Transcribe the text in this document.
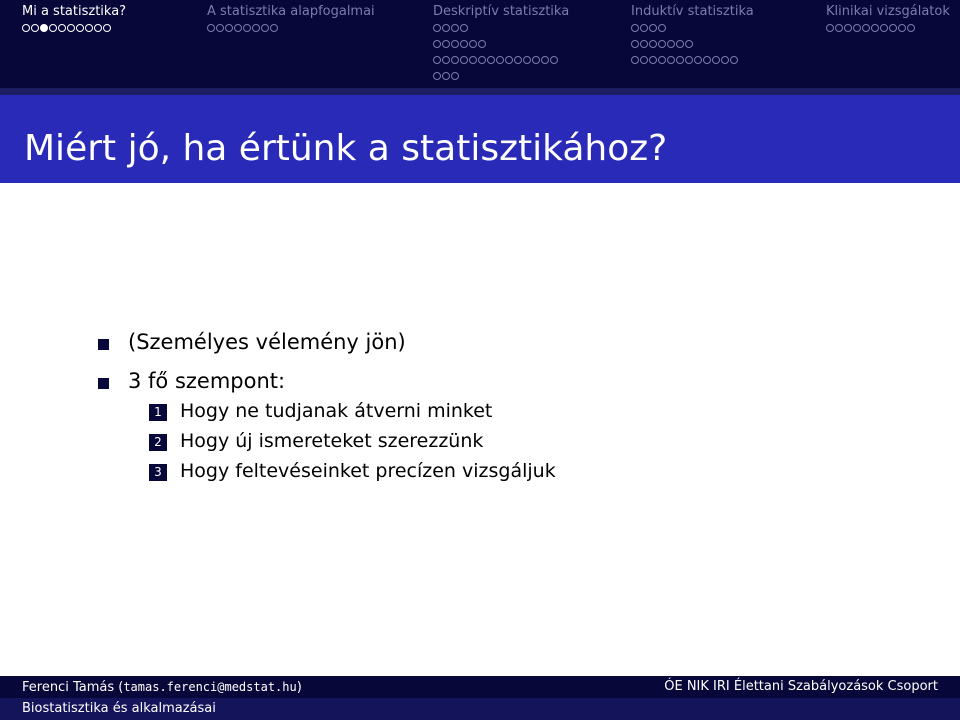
Mi a statisztika?	A statisztika alapfogalmai	Deskriptív statisztika	Induktív statisztika	Klinikai vizsgálatok
Miért jó, ha értünk a statisztikához?
(Személyes vélemény jön)
3 fő szempont:
1 Hogy ne tudjanak átverni minket
2 Hogy új ismereteket szerezzünk
3 Hogy feltevéseinket precízen vizsgáljuk
Ferenci Tamás (tamas.ferenci@medstat.hu)	ÓE NIK IRI Élettani Szabályozások Csoport
Biostatisztika és alkalmazásai
